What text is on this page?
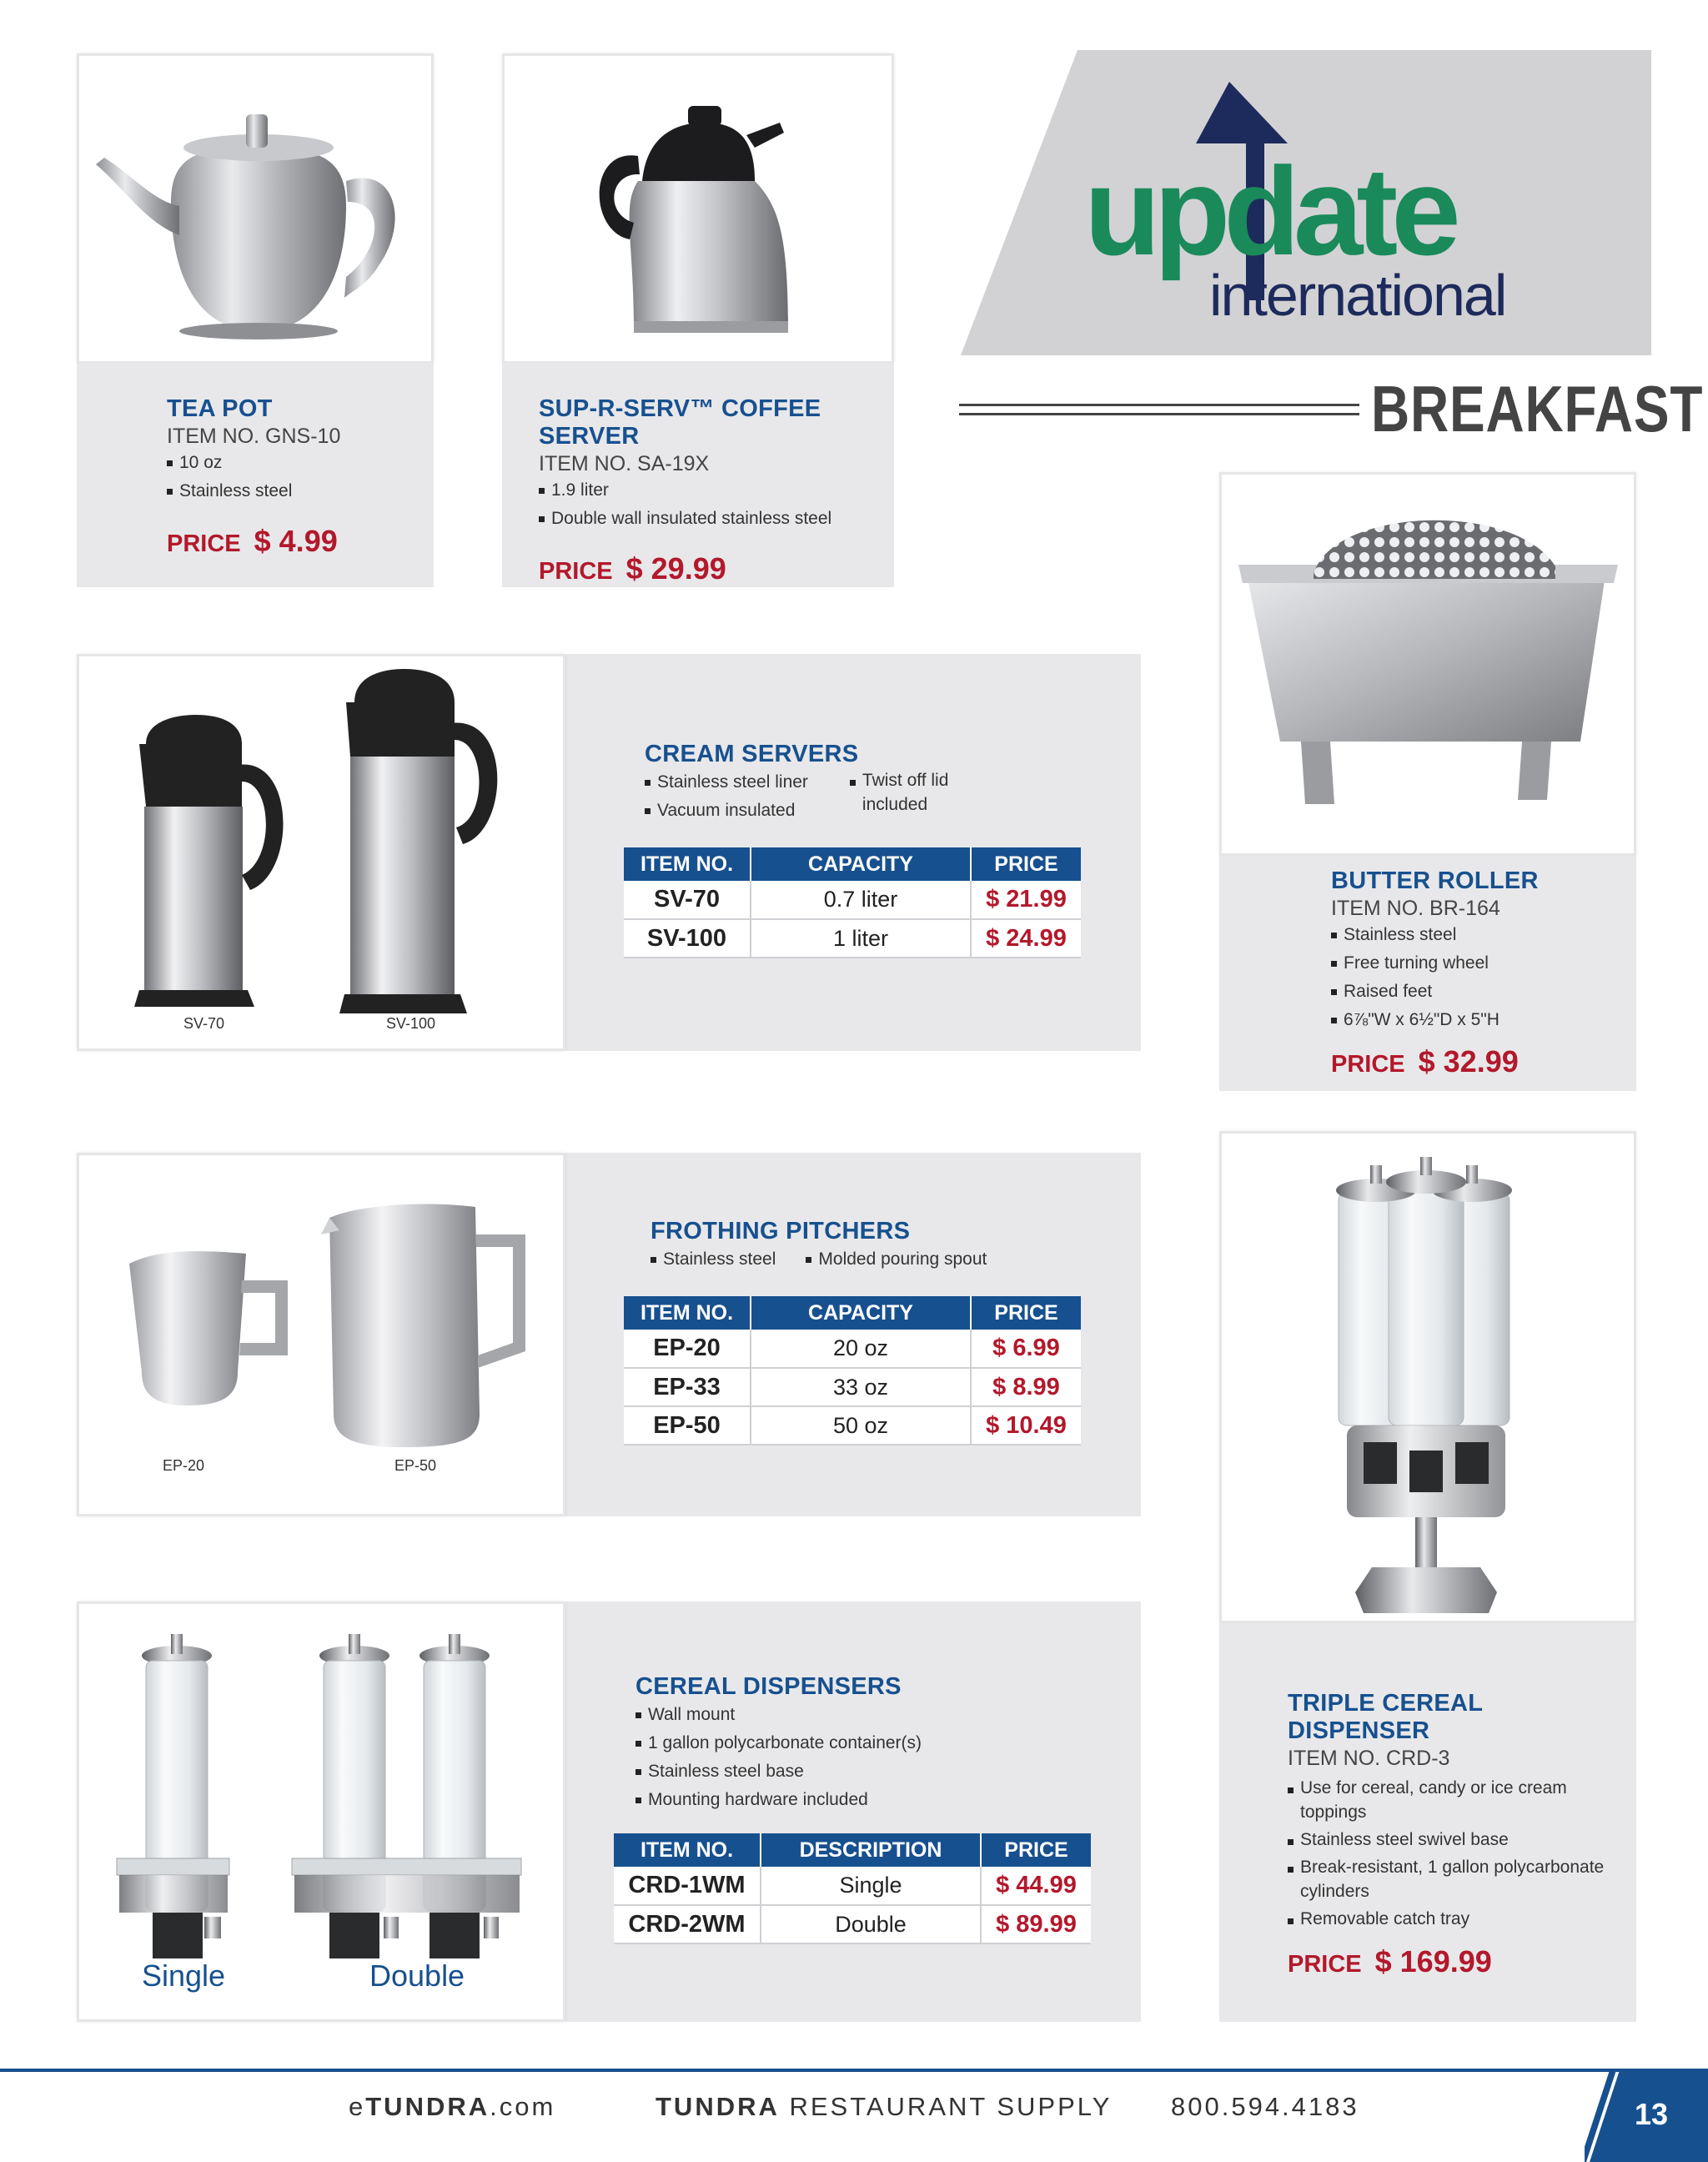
TEA POT
ITEM NO. GNS-10
10 oz
Stainless steel
PRICE $ 4.99
SUP-R-SERV™ COFFEE SERVER
ITEM NO. SA-19X
1.9 liter
Double wall insulated stainless steel
PRICE $ 29.99
update
international
BREAKFAST
SV-70	SV-100
CREAM SERVERS
Stainless steel liner
Vacuum insulated
Twist off lid included
ITEM NO.	CAPACITY	PRICE
SV-70	0.7 liter	$ 21.99
SV-100	1 liter	$ 24.99
BUTTER ROLLER
ITEM NO. BR-164
Stainless steel
Free turning wheel
Raised feet
6⅞"W x 6½"D x 5"H
PRICE $ 32.99
EP-20	EP-50
FROTHING PITCHERS
Stainless steel	Molded pouring spout
ITEM NO.	CAPACITY	PRICE
EP-20	20 oz	$ 6.99
EP-33	33 oz	$ 8.99
EP-50	50 oz	$ 10.49
TRIPLE CEREAL DISPENSER
ITEM NO. CRD-3
Use for cereal, candy or ice cream toppings
Stainless steel swivel base
Break-resistant, 1 gallon polycarbonate cylinders
Removable catch tray
PRICE $ 169.99
Single	Double
CEREAL DISPENSERS
Wall mount
1 gallon polycarbonate container(s)
Stainless steel base
Mounting hardware included
ITEM NO.	DESCRIPTION	PRICE
CRD-1WM	Single	$ 44.99
CRD-2WM	Double	$ 89.99
eTUNDRA.com	TUNDRA RESTAURANT SUPPLY 800.594.4183	13
